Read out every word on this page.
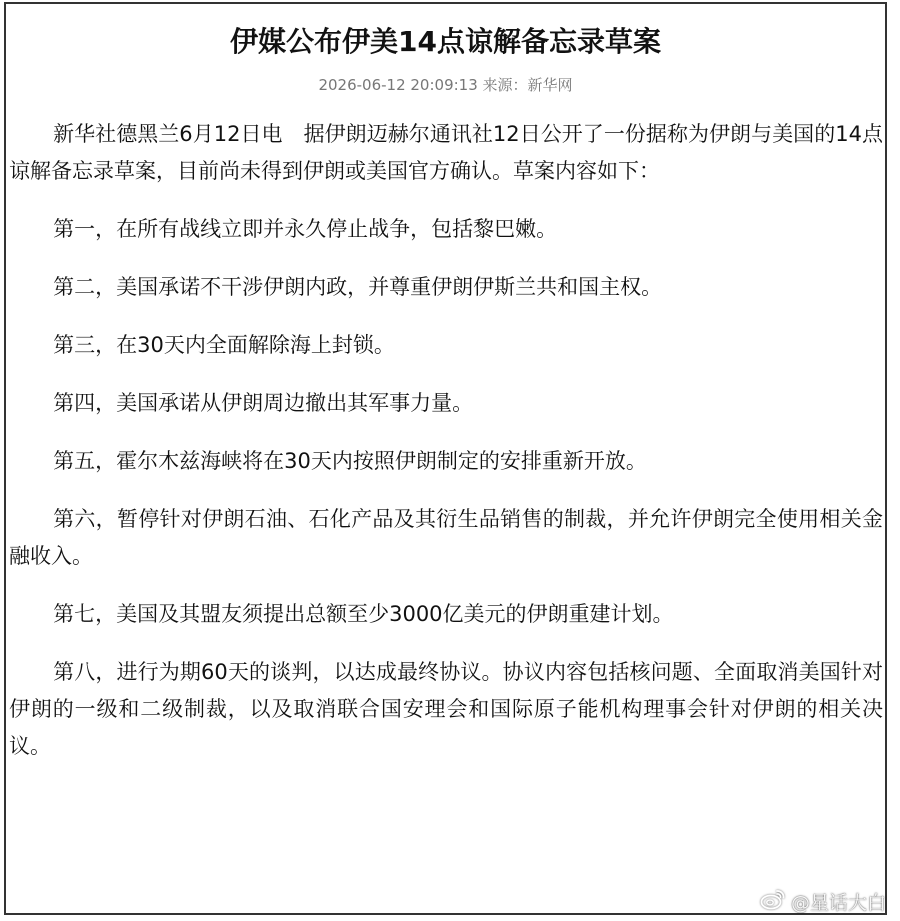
伊媒公布伊美14点谅解备忘录草案
2026-06-12 20:09:13 来源：新华网

新华社德黑兰6月12日电　据伊朗迈赫尔通讯社12日公开了一份据称为伊朗与美国的14点谅解备忘录草案，目前尚未得到伊朗或美国官方确认。草案内容如下：

第一，在所有战线立即并永久停止战争，包括黎巴嫩。

第二，美国承诺不干涉伊朗内政，并尊重伊朗伊斯兰共和国主权。

第三，在30天内全面解除海上封锁。

第四，美国承诺从伊朗周边撤出其军事力量。

第五，霍尔木兹海峡将在30天内按照伊朗制定的安排重新开放。

第六，暂停针对伊朗石油、石化产品及其衍生品销售的制裁，并允许伊朗完全使用相关金融收入。

第七，美国及其盟友须提出总额至少3000亿美元的伊朗重建计划。

第八，进行为期60天的谈判，以达成最终协议。协议内容包括核问题、全面取消美国针对伊朗的一级和二级制裁，以及取消联合国安理会和国际原子能机构理事会针对伊朗的相关决议。

@星话大白
